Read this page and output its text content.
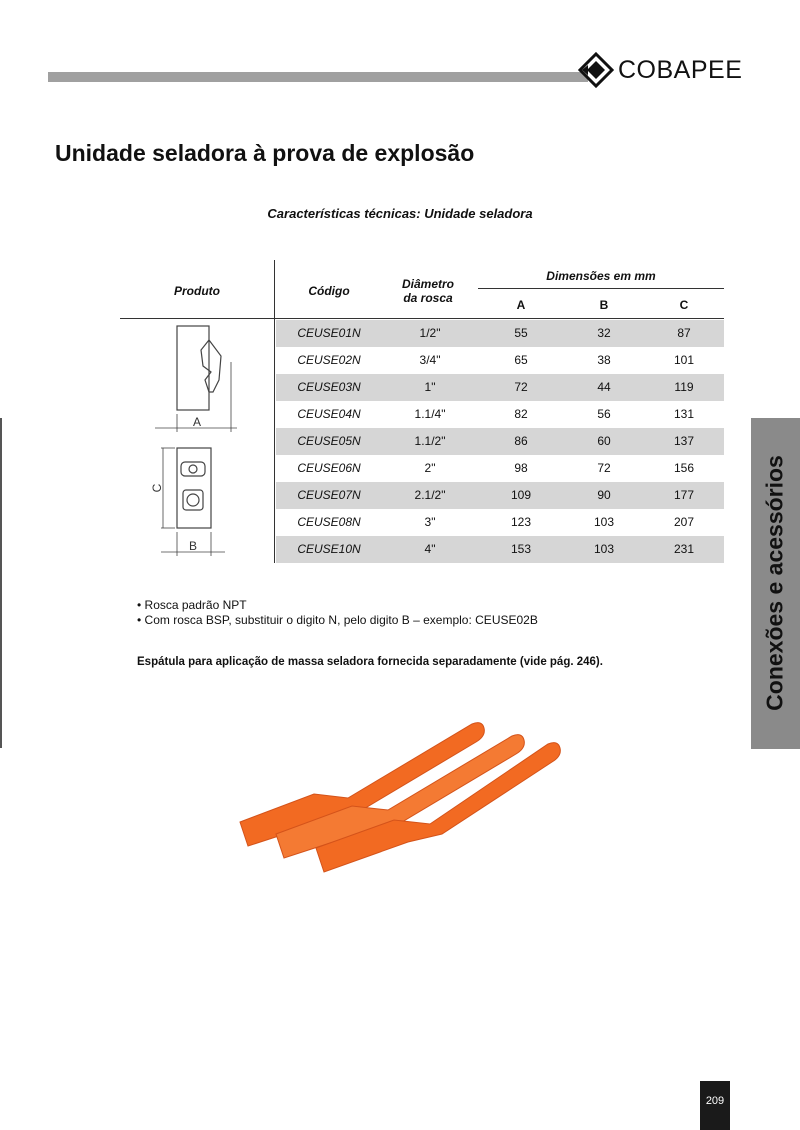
COBAPEE
Unidade seladora à prova de explosão
Características técnicas: Unidade seladora
Produto	Código	Diâmetro
da rosca
Dimensões em mm
A	B	C
CEUSE01N	1/2"	55	32	87
CEUSE02N	3/4"	65	38	101
CEUSE03N	1"	72	44	119
CEUSE04N	1.1/4"	82	56	131
CEUSE05N	1.1/2"	86	60	137
CEUSE06N	2"	98	72	156
CEUSE07N	2.1/2"	109	90	177
CEUSE08N	3"	123	103	207
CEUSE10N	4"	153	103	231
A
C
B
• Rosca padrão NPT
• Com rosca BSP, substituir o digito N, pelo digito B – exemplo: CEUSE02B
Espátula para aplicação de massa seladora fornecida separadamente (vide pág. 246).	Conexões e acessórios
209
